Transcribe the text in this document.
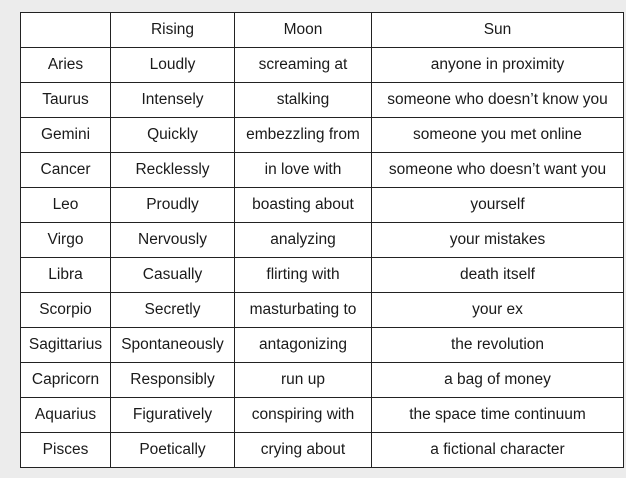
	Rising	Moon	Sun
Aries	Loudly	screaming at	anyone in proximity
Taurus	Intensely	stalking	someone who doesn’t know you
Gemini	Quickly	embezzling from	someone you met online
Cancer	Recklessly	in love with	someone who doesn’t want you
Leo	Proudly	boasting about	yourself
Virgo	Nervously	analyzing	your mistakes
Libra	Casually	flirting with	death itself
Scorpio	Secretly	masturbating to	your ex
Sagittarius	Spontaneously	antagonizing	the revolution
Capricorn	Responsibly	run up	a bag of money
Aquarius	Figuratively	conspiring with	the space time continuum
Pisces	Poetically	crying about	a fictional character
